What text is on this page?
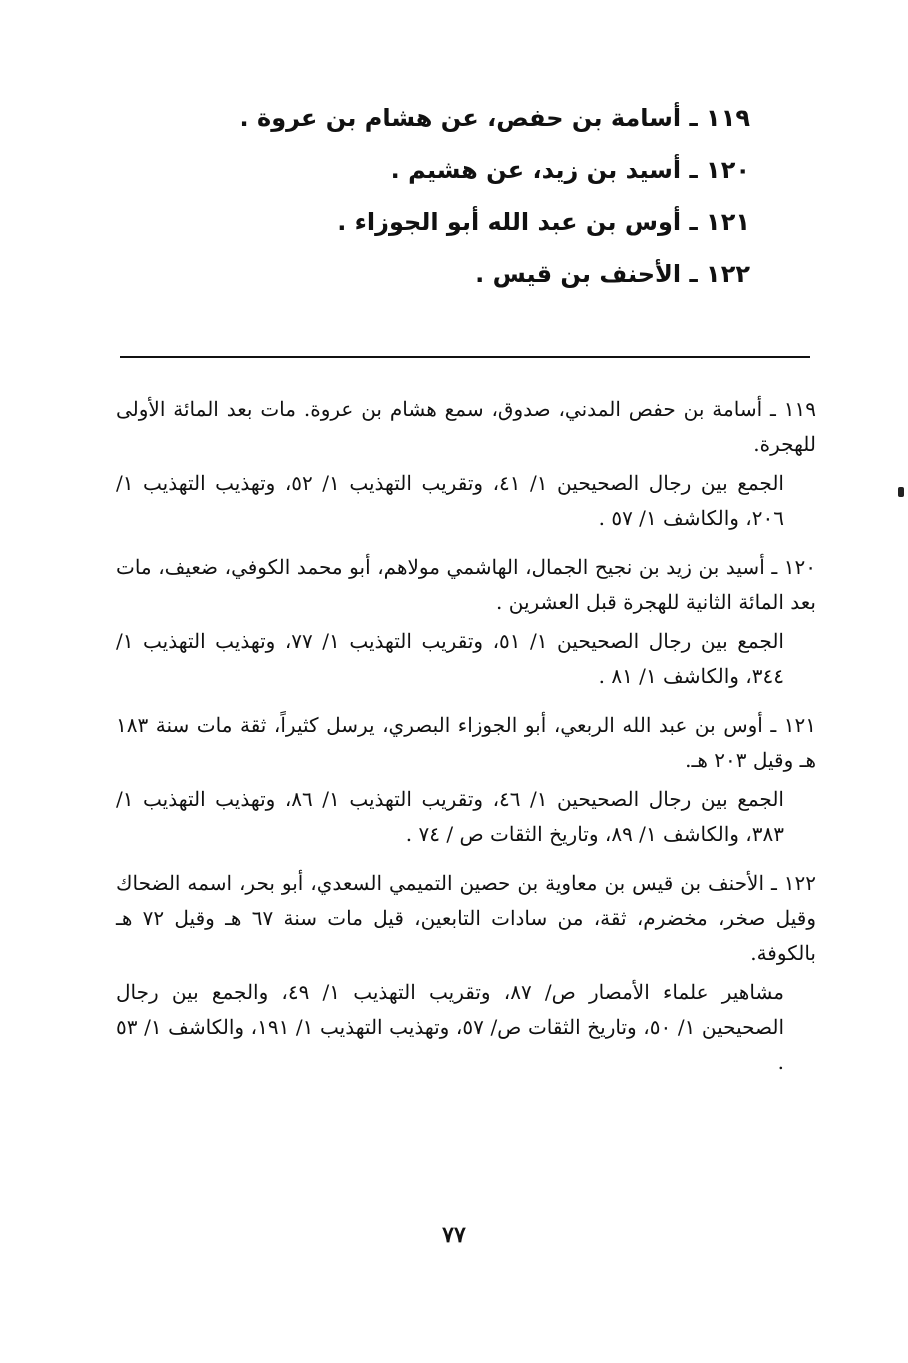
١١٩ ـ أسامة بن حفص، عن هشام بن عروة .
١٢٠ ـ أسيد بن زيد، عن هشيم .
١٢١ ـ أوس بن عبد الله أبو الجوزاء .
١٢٢ ـ الأحنف بن قيس .
١١٩ ـ أسامة بن حفص المدني، صدوق، سمع هشام بن عروة. مات بعد المائة الأولى للهجرة.
الجمع بين رجال الصحيحين ١/ ٤١، وتقريب التهذيب ١/ ٥٢، وتهذيب التهذيب ١/ ٢٠٦، والكاشف ١/ ٥٧ .
١٢٠ ـ أسيد بن زيد بن نجيح الجمال، الهاشمي مولاهم، أبو محمد الكوفي، ضعيف، مات بعد المائة الثانية للهجرة قبل العشرين .
الجمع بين رجال الصحيحين ١/ ٥١، وتقريب التهذيب ١/ ٧٧، وتهذيب التهذيب ١/ ٣٤٤، والكاشف ١/ ٨١ .
١٢١ ـ أوس بن عبد الله الربعي، أبو الجوزاء البصري، يرسل كثيراً، ثقة مات سنة ١٨٣ هـ وقيل ٢٠٣ هـ.
الجمع بين رجال الصحيحين ١/ ٤٦، وتقريب التهذيب ١/ ٨٦، وتهذيب التهذيب ١/ ٣٨٣، والكاشف ١/ ٨٩، وتاريخ الثقات ص / ٧٤ .
١٢٢ ـ الأحنف بن قيس بن معاوية بن حصين التميمي السعدي، أبو بحر، اسمه الضحاك وقيل صخر، مخضرم، ثقة، من سادات التابعين، قيل مات سنة ٦٧ هـ وقيل ٧٢ هـ بالكوفة.
مشاهير علماء الأمصار ص/ ٨٧، وتقريب التهذيب ١/ ٤٩، والجمع بين رجال الصحيحين ١/ ٥٠، وتاريخ الثقات ص/ ٥٧، وتهذيب التهذيب ١/ ١٩١، والكاشف ١/ ٥٣ .
٧٧
